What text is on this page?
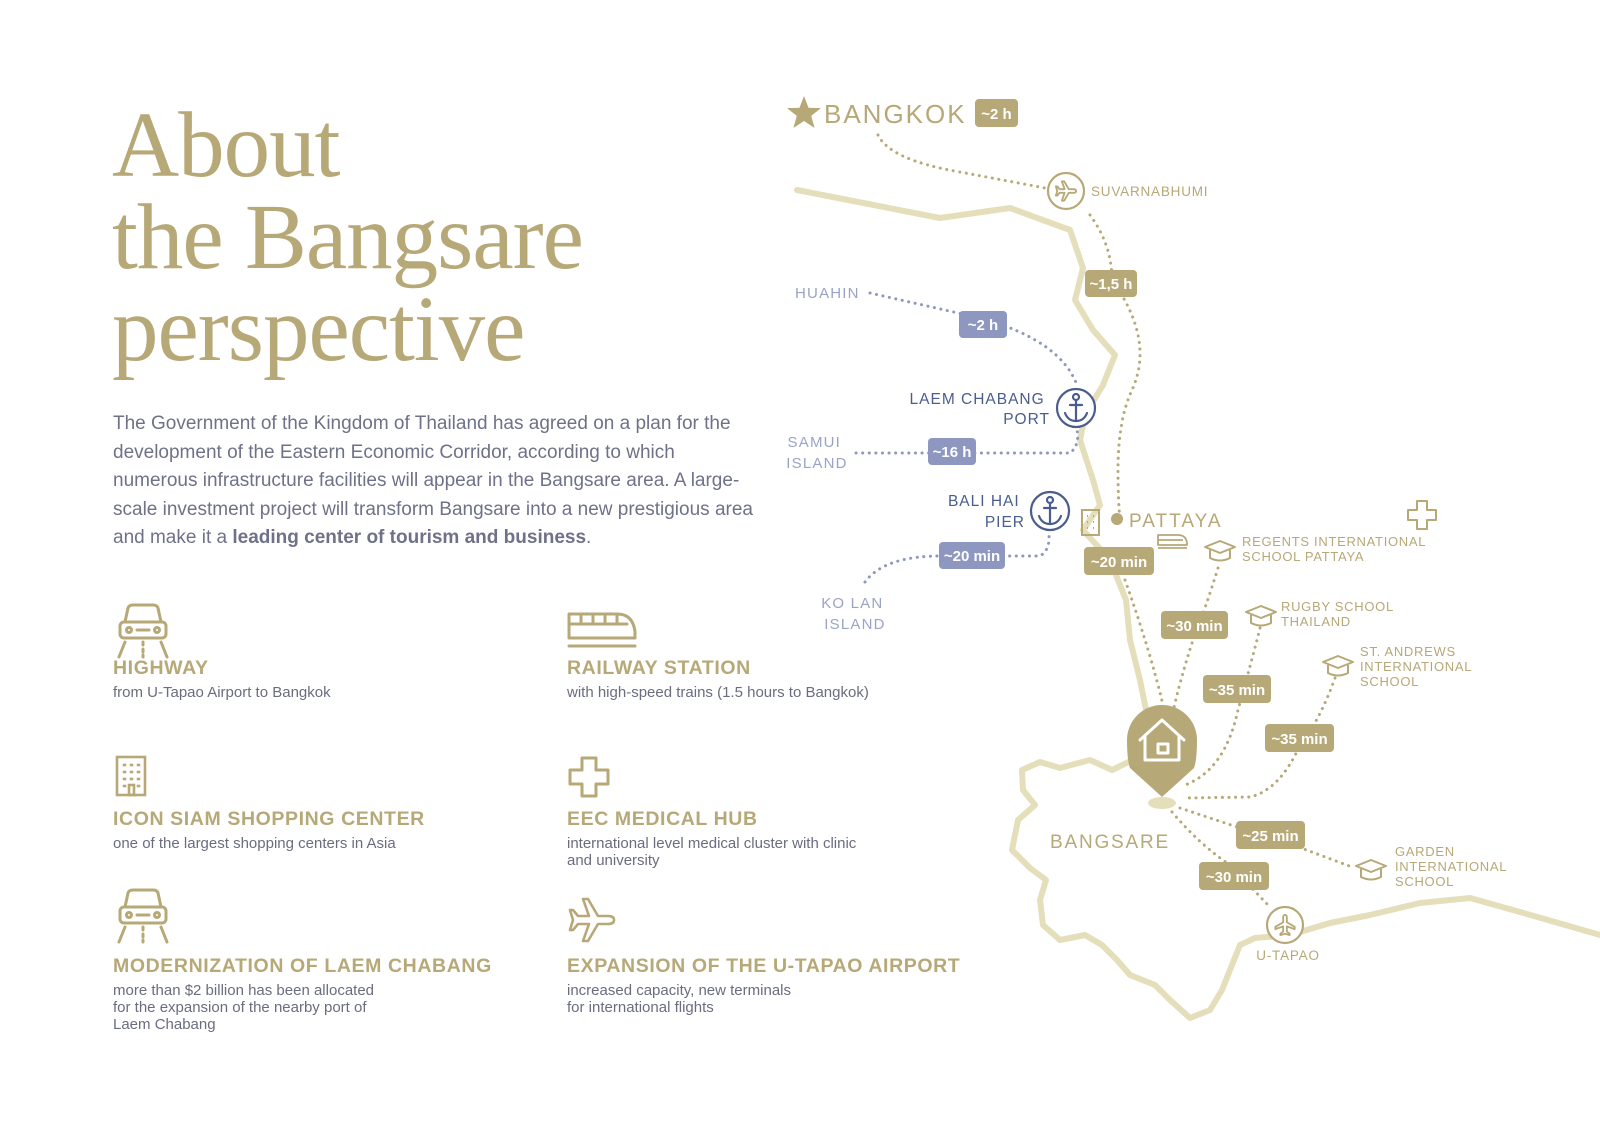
About
the Bangsare
perspective

The Government of the Kingdom of Thailand has agreed on a plan for the development of the Eastern Economic Corridor, according to which numerous infrastructure facilities will appear in the Bangsare area. A large-scale investment project will transform Bangsare into a new prestigious area and make it a leading center of tourism and business.

HIGHWAY

from U-Tapao Airport to Bangkok

RAILWAY STATION

with high-speed trains (1.5 hours to Bangkok)

ICON SIAM SHOPPING CENTER

one of the largest shopping centers in Asia

EEC MEDICAL HUB

international level medical cluster with clinic
and university

MODERNIZATION OF LAEM CHABANG

more than $2 billion has been allocated
for the expansion of the nearby port of
Laem Chabang

EXPANSION OF THE U-TAPAO AIRPORT

increased capacity, new terminals
for international flights

BANGKOK ~2 h
SUVARNABHUMI
~1,5 h
HUAHIN
~2 h
LAEM CHABANG PORT
SAMUI ISLAND
~16 h
BALI HAI PIER
KO LAN ISLAND
~20 min
PATTAYA
~20 min
REGENTS INTERNATIONAL SCHOOL PATTAYA
~30 min
RUGBY SCHOOL THAILAND
~35 min
ST. ANDREWS INTERNATIONAL SCHOOL
~35 min
GARDEN INTERNATIONAL SCHOOL
~25 min
~30 min
U-TAPAO
BANGSARE
